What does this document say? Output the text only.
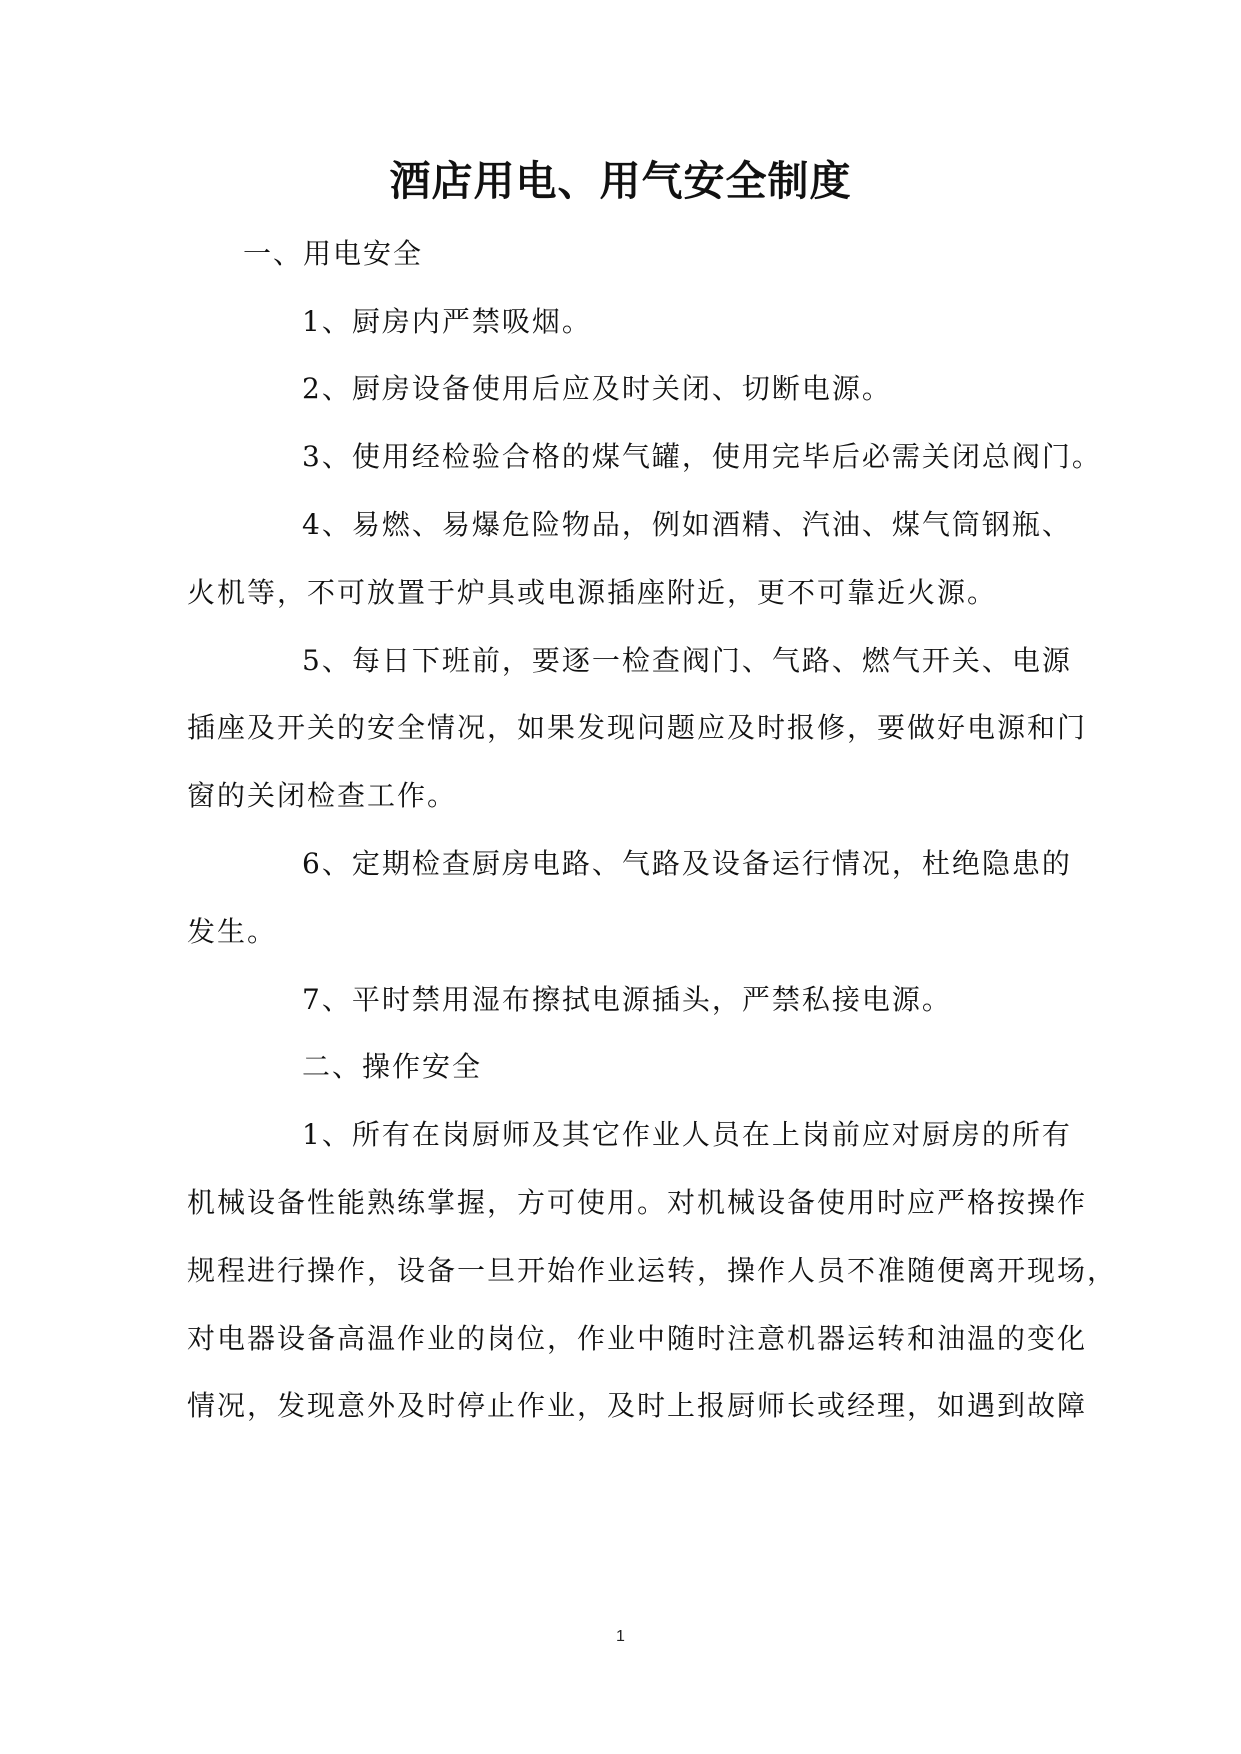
酒店用电、用气安全制度
一、用电安全
1、厨房内严禁吸烟。
2、厨房设备使用后应及时关闭、切断电源。
3、使用经检验合格的煤气罐，使用完毕后必需关闭总阀门。
4、易燃、易爆危险物品，例如酒精、汽油、煤气筒钢瓶、
火机等，不可放置于炉具或电源插座附近，更不可靠近火源。
5、每日下班前，要逐一检查阀门、气路、燃气开关、电源
插座及开关的安全情况，如果发现问题应及时报修，要做好电源和门
窗的关闭检查工作。
6、定期检查厨房电路、气路及设备运行情况，杜绝隐患的
发生。
7、平时禁用湿布擦拭电源插头，严禁私接电源。
二、操作安全
1、所有在岗厨师及其它作业人员在上岗前应对厨房的所有
机械设备性能熟练掌握，方可使用。对机械设备使用时应严格按操作
规程进行操作，设备一旦开始作业运转，操作人员不准随便离开现场，
对电器设备高温作业的岗位，作业中随时注意机器运转和油温的变化
情况，发现意外及时停止作业，及时上报厨师长或经理，如遇到故障
1
